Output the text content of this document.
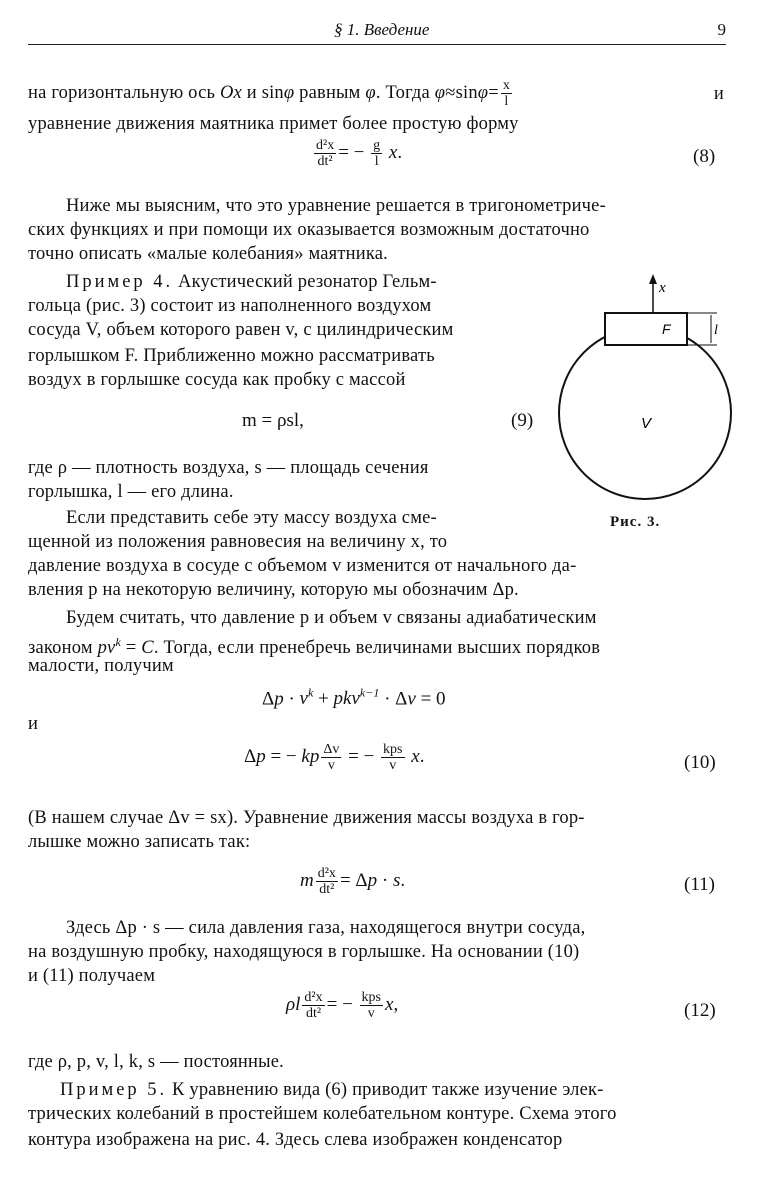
§ 1. Введение	9
на горизонтальную ось Ox и sinφ равным φ. Тогда $\varphi\approx\sin\varphi= \frac{x}{l}$	и
уравнение движения маятника примет более простую форму
$\frac{\text{d²x}}{\text{dt²}}$ = − $\frac{g}{l} x$.	(8)
Ниже мы выясним, что это уравнение решается в тригонометриче-
ских функциях и при помощи их оказывается возможным достаточно
точно описать «малые колебания» маятника.
Пример 4. Акустический резонатор Гельм-
гольца (рис. 3) состоит из наполненного воздухом
сосуда V, объем которого равен v, с цилиндрическим
горлышком F. Приближенно можно рассматривать
воздух в горлышке сосуда как пробку с массой
m = ρsl,	(9)
где ρ — плотность воздуха, s — площадь сечения
горлышка, l — его длина.
Если представить себе эту массу воздуха сме-
щенной из положения равновесия на величину x, то
давление воздуха в сосуде с объемом v изменится от начального да-
вления p на некоторую величину, которую мы обозначим Δp.
x
F	l
V
Рис. 3.
Будем считать, что давление p и объем v связаны адиабатическим
законом $pv^k = C$. Тогда, если пренебречь величинами высших порядков
малости, получим
$\Delta p \cdot v^k + pkv^{k-1} \cdot \Delta v = 0$
и
Δp = − kp $\frac{\Delta v}{v}$ = − $\frac{\text{kps}}{v} x$.	(10)
(В нашем случае Δv = sx). Уравнение движения массы воздуха в гор-
лышке можно записать так:
m $\frac{\text{d²x}}{\text{dt²}} = \Delta p \cdot s$.	(11)
Здесь Δp · s — сила давления газа, находящегося внутри сосуда,
на воздушную пробку, находящуюся в горлышке. На основании (10)
и (11) получаем
ρl $\frac{\text{d²x}}{\text{dt²}}$ = − $\frac{\text{kps}}{v} x$,	(12)
где ρ, p, v, l, k, s — постоянные.
Пример 5. К уравнению вида (6) приводит также изучение элек-
трических колебаний в простейшем колебательном контуре. Схема этого
контура изображена на рис. 4. Здесь слева изображен конденсатор
